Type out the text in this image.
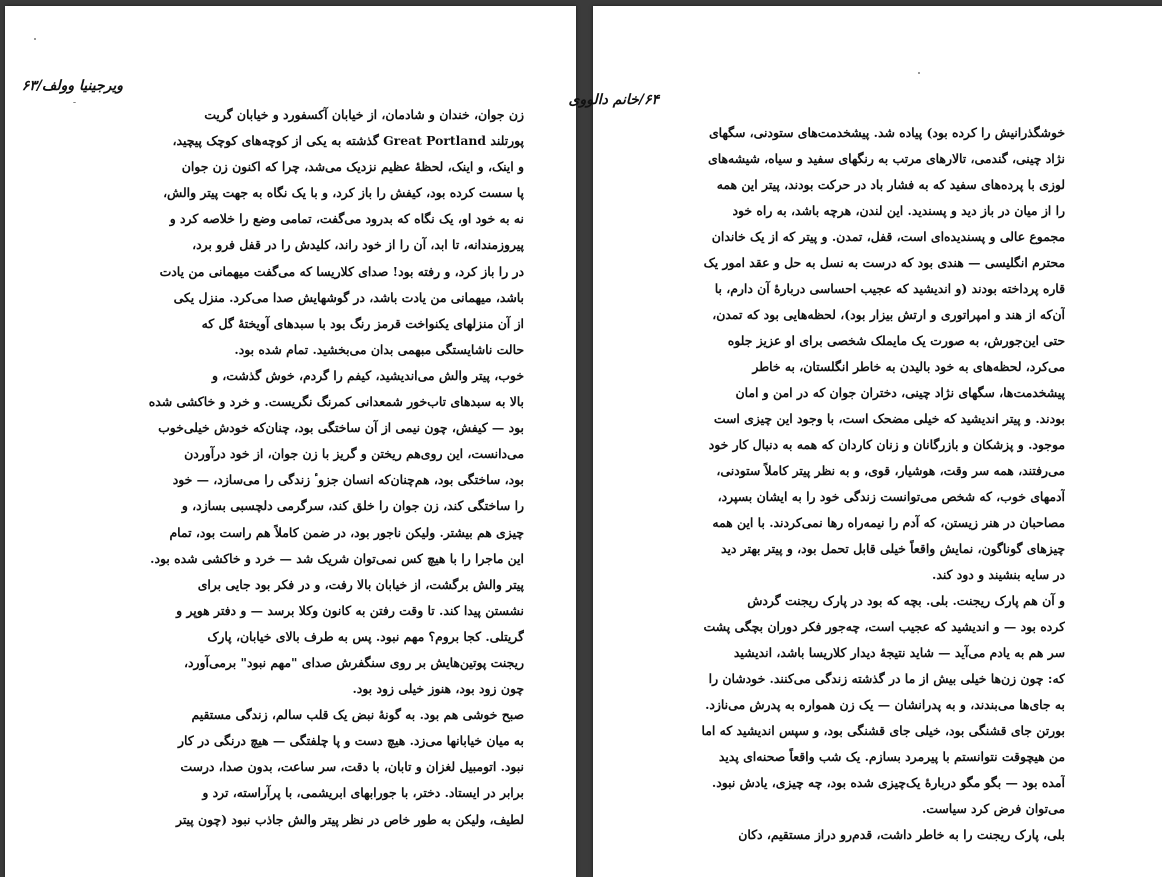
ویرجینیا وولف/۶۳
زن جوان، خندان و شادمان، از خیابان آکسفورد و خیابان گریت
پورتلند Great Portland گذشته به یکی از کوچه‌های کوچک پیچید،
و اینک، و اینک، لحظهٔ عظیم نزدیک می‌شد، چرا که اکنون زن جوان
پا سست کرده بود، کیفش را باز کرد، و با یک نگاه به جهت پیتر والش،
نه به خود او، یک نگاه که بدرود می‌گفت، تمامی وضع را خلاصه کرد و
پیروزمندانه، تا ابد، آن را از خود راند، کلیدش را در قفل فرو برد،
در را باز کرد، و رفته بود! صدای کلاریسا که می‌گفت میهمانی من یادت
باشد، میهمانی من یادت باشد، در گوشهایش صدا می‌کرد. منزل یکی
از آن منزلهای یکنواخت قرمز رنگ بود با سبدهای آویختهٔ گل که
حالت ناشایستگی مبهمی بدان می‌بخشید. تمام شده بود.
خوب، پیتر والش می‌اندیشید، کیفم را گردم، خوش گذشت، و
بالا به سبدهای تاب‌خور شمعدانی کمرنگ نگریست. و خرد و خاکشی شده
بود — کیفش، چون نیمی از آن ساختگی بود، چنان‌که خودش خیلی‌خوب
می‌دانست، این روی‌هم ریختن و گریز با زن جوان، از خود درآوردن
بود، ساختگی بود، هم‌چنان‌که انسان جزوٴ زندگی را می‌سازد، — خود
را ساختگی کند، زن جوان را خلق کند، سرگرمی دلچسبی بسازد، و
چیزی هم بیشتر. ولیکن ناجور بود، در ضمن کاملاً هم راست بود، تمام
این ماجرا را با هیچ کس نمی‌توان شریک شد — خرد و خاکشی شده بود.
پیتر والش برگشت، از خیابان بالا رفت، و در فکر بود جایی برای
نشستن پیدا کند. تا وقت رفتن به کانون وکلا برسد — و دفتر هوپر و
گریتلی. کجا بروم؟ مهم نبود. پس به طرف بالای خیابان، پارک
ریجنت پوتین‌هایش بر روی سنگفرش صدای "مهم نبود" برمی‌آورد،
چون زود بود، هنوز خیلی زود بود.
صبح خوشی هم بود. به گونهٔ نبض یک قلب سالم، زندگی مستقیم
به میان خیابانها می‌زد. هیچ دست و پا چلفتگی — هیچ درنگی در کار
نبود. اتومبیل لغزان و تابان، با دقت، سر ساعت، بدون صدا، درست
برابر در ایستاد. دختر، با جورابهای ابریشمی، با پرآراسته، ترد و
لطیف، ولیکن به طور خاص در نظر پیتر والش جاذب نبود (چون پیتر
۶۴/خانم دالووی
خوشگذرانیش را کرده بود) پیاده شد. پیشخدمت‌های ستودنی، سگهای
نژاد چینی، گندمی، تالارهای مرتب به رنگهای سفید و سیاه، شیشه‌های
لوزی با پرده‌های سفید که به فشار باد در حرکت بودند، پیتر این همه
را از میان در باز دید و پسندید. این لندن، هرچه باشد، به راه خود
مجموع عالی و پسندیده‌ای است، قفل، تمدن. و پیتر که از یک خاندان
محترم انگلیسی — هندی بود که درست به نسل به حل و عقد امور یک
قاره پرداخته بودند (و اندیشید که عجیب احساسی دربارهٔ آن دارم، با
آن‌که از هند و امپراتوری و ارتش بیزار بود)، لحظه‌هایی بود که تمدن،
حتی این‌جورش، به صورت یک مایملک شخصی برای او عزیز جلوه
می‌کرد، لحظه‌های به خود بالیدن به خاطر انگلستان، به خاطر
پیشخدمت‌ها، سگهای نژاد چینی، دختران جوان که در امن و امان
بودند. و پیتر اندیشید که خیلی مضحک است، با وجود این چیزی است
موجود. و پزشکان و بازرگانان و زنان کاردان که همه به دنبال کار خود
می‌رفتند، همه سر وقت، هوشیار، قوی، و به نظر پیتر کاملاً ستودنی،
آدمهای خوب، که شخص می‌توانست زندگی خود را به ایشان بسپرد،
مصاحبان در هنر زیستن، که آدم را نیمه‌راه رها نمی‌کردند. با این همه
چیزهای گوناگون، نمایش واقعاً خیلی قابل تحمل بود، و پیتر بهتر دید
در سایه بنشیند و دود کند.
و آن هم پارک ریجنت. بلی. بچه که بود در پارک ریجنت گردش
کرده بود — و اندیشید که عجیب است، چه‌جور فکر دوران بچگی پشت
سر هم به یادم می‌آید — شاید نتیجهٔ دیدار کلاریسا باشد، اندیشید
که: چون زن‌ها خیلی بیش از ما در گذشته زندگی می‌کنند. خودشان را
به جای‌ها می‌بندند، و به پدرانشان — یک زن همواره به پدرش می‌نازد.
بورتن جای قشنگی بود، خیلی جای قشنگی بود، و سپس اندیشید که اما
من هیچوقت نتوانستم با پیرمرد بسازم. یک شب واقعاً صحنه‌ای پدید
آمده بود — بگو مگو دربارهٔ یک‌چیزی شده بود، چه چیزی، یادش نبود.
می‌توان فرض کرد سیاست.
بلی، پارک ریجنت را به خاطر داشت، قدم‌رو دراز مستقیم، دکان
